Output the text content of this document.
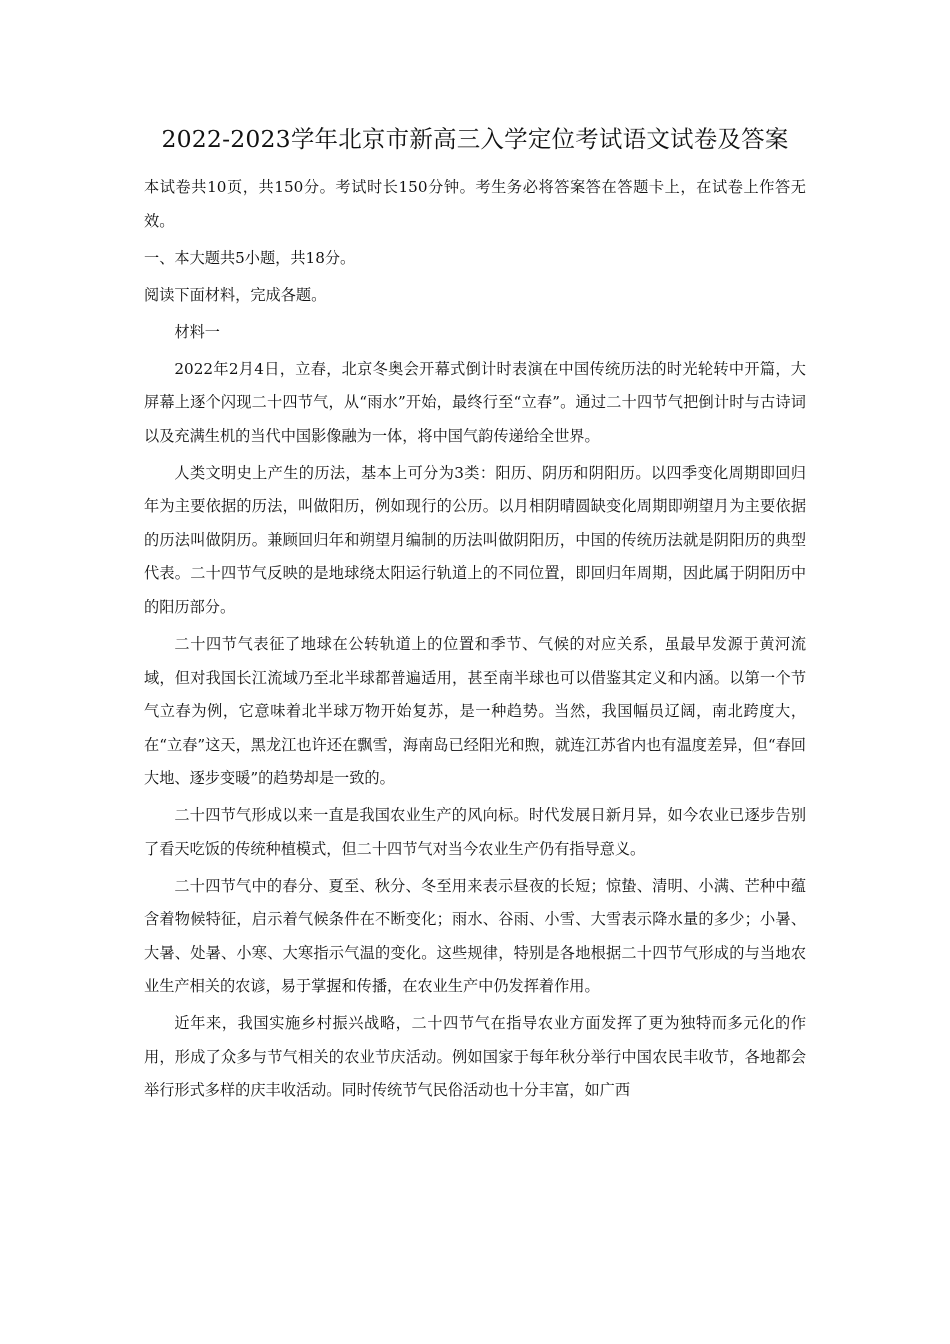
2022-2023学年北京市新高三入学定位考试语文试卷及答案

本试卷共10页，共150分。考试时长150分钟。考生务必将答案答在答题卡上，在试卷上作答无效。

一、本大题共5小题，共18分。

阅读下面材料，完成各题。

材料一

2022年2月4日，立春，北京冬奥会开幕式倒计时表演在中国传统历法的时光轮转中开篇，大屏幕上逐个闪现二十四节气，从“雨水”开始，最终行至“立春”。通过二十四节气把倒计时与古诗词以及充满生机的当代中国影像融为一体，将中国气韵传递给全世界。

人类文明史上产生的历法，基本上可分为3类：阳历、阴历和阴阳历。以四季变化周期即回归年为主要依据的历法，叫做阳历，例如现行的公历。以月相阴晴圆缺变化周期即朔望月为主要依据的历法叫做阴历。兼顾回归年和朔望月编制的历法叫做阴阳历，中国的传统历法就是阴阳历的典型代表。二十四节气反映的是地球绕太阳运行轨道上的不同位置，即回归年周期，因此属于阴阳历中的阳历部分。

二十四节气表征了地球在公转轨道上的位置和季节、气候的对应关系，虽最早发源于黄河流域，但对我国长江流域乃至北半球都普遍适用，甚至南半球也可以借鉴其定义和内涵。以第一个节气立春为例，它意味着北半球万物开始复苏，是一种趋势。当然，我国幅员辽阔，南北跨度大，在“立春”这天，黑龙江也许还在飘雪，海南岛已经阳光和煦，就连江苏省内也有温度差异，但“春回大地、逐步变暖”的趋势却是一致的。

二十四节气形成以来一直是我国农业生产的风向标。时代发展日新月异，如今农业已逐步告别了看天吃饭的传统种植模式，但二十四节气对当今农业生产仍有指导意义。

二十四节气中的春分、夏至、秋分、冬至用来表示昼夜的长短；惊蛰、清明、小满、芒种中蕴含着物候特征，启示着气候条件在不断变化；雨水、谷雨、小雪、大雪表示降水量的多少；小暑、大暑、处暑、小寒、大寒指示气温的变化。这些规律，特别是各地根据二十四节气形成的与当地农业生产相关的农谚，易于掌握和传播，在农业生产中仍发挥着作用。

近年来，我国实施乡村振兴战略，二十四节气在指导农业方面发挥了更为独特而多元化的作用，形成了众多与节气相关的农业节庆活动。例如国家于每年秋分举行中国农民丰收节，各地都会举行形式多样的庆丰收活动。同时传统节气民俗活动也十分丰富，如广西
